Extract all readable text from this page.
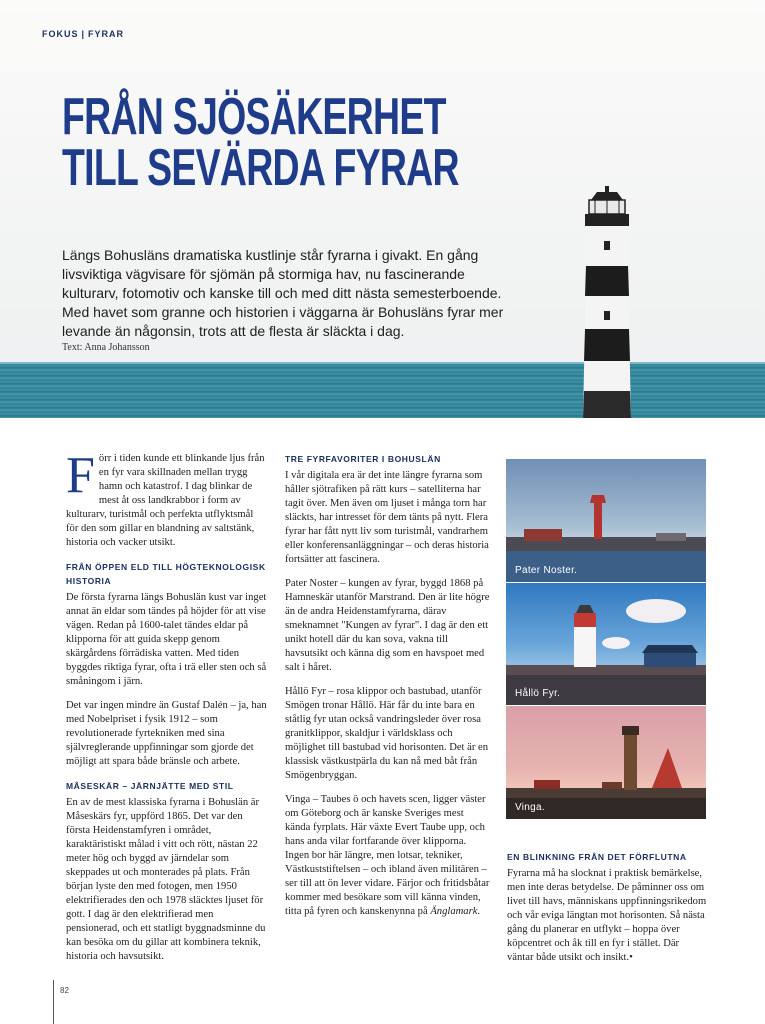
FOKUS | FYRAR
FRÅN SJÖSÄKERHET
TILL SEVÄRDA FYRAR

Längs Bohusläns dramatiska kustlinje står fyrarna i givakt. En gång livsviktiga vägvisare för sjömän på stormiga hav, nu fascinerande kulturarv, fotomotiv och kanske till och med ditt nästa semesterboende. Med havet som granne och historien i väggarna är Bohusläns fyrar mer levande än någonsin, trots att de flesta är släckta i dag.

Text: Anna Johansson

Förr i tiden kunde ett blinkande ljus från en fyr vara skillnaden mellan trygg hamn och katastrof. I dag blinkar de mest åt oss landkrabbor i form av kulturarv, turistmål och perfekta utflyktsmål för den som gillar en blandning av saltstänk, historia och vacker utsikt.

FRÅN ÖPPEN ELD TILL HÖGTEKNOLOGISK HISTORIA

De första fyrarna längs Bohuslän kust var inget annat än eldar som tändes på höjder för att vise vägen. Redan på 1600-talet tändes eldar på klipporna för att guida skepp genom skärgårdens förrädiska vatten. Med tiden byggdes riktiga fyrar, ofta i trä eller sten och så småningom i järn.

Det var ingen mindre än Gustaf Dalén – ja, han med Nobelpriset i fysik 1912 – som revolutionerade fyrtekniken med sina självreglerande uppfinningar som gjorde det möjligt att spara både bränsle och arbete.

MÅSESKÄR – JÄRNJÄTTE MED STIL

En av de mest klassiska fyrarna i Bohuslän är Måseskärs fyr, uppförd 1865. Det var den första Heidenstamfyren i området, karaktäristiskt målad i vitt och rött, nästan 22 meter hög och byggd av järndelar som skeppades ut och monterades på plats. Från början lyste den med fotogen, men 1950 elektrifierades den och 1978 släcktes ljuset för gott. I dag är den elektrifierad men pensionerad, och ett statligt byggnadsminne du kan besöka om du gillar att kombinera teknik, historia och havsutsikt.

TRE FYRFAVORITER I BOHUSLÄN

I vår digitala era är det inte längre fyrarna som håller sjötrafiken på rätt kurs – satelliterna har tagit över. Men även om ljuset i många torn har släckts, har intresset för dem tänts på nytt. Flera fyrar har fått nytt liv som turistmål, vandrarhem eller konferensanläggningar – och deras historia fortsätter att fascinera.

Pater Noster – kungen av fyrar, byggd 1868 på Hamneskär utanför Marstrand. Den är lite högre än de andra Heidenstamfyrarna, därav smeknamnet "Kungen av fyrar". I dag är den ett unikt hotell där du kan sova, vakna till havsutsikt och känna dig som en havspoet med salt i håret.

Hållö Fyr – rosa klippor och bastubad, utanför Smögen tronar Hållö. Här får du inte bara en ståtlig fyr utan också vandringsleder över rosa granitklippor, skaldjur i världsklass och möjlighet till bastubad vid horisonten. Det är en klassisk västkustpärla du kan nå med båt från Smögenbryggan.

Vinga – Taubes ö och havets scen, ligger väster om Göteborg och är kanske Sveriges mest kända fyrplats. Här växte Evert Taube upp, och hans anda vilar fortfarande över klipporna. Ingen bor här längre, men lotsar, tekniker, Västkuststiftelsen – och ibland även militären – ser till att ön lever vidare. Färjor och fritidsbåtar kommer med besökare som vill känna vinden, titta på fyren och kanskenynna på Änglamark.

Pater Noster.
Hållö Fyr.
Vinga.
EN BLINKNING FRÅN DET FÖRFLUTNA

Fyrarna må ha slocknat i praktisk bemärkelse, men inte deras betydelse. De påminner oss om livet till havs, människans uppfinningsrikedom och vår eviga längtan mot horisonten. Så nästa gång du planerar en utflykt – hoppa över köpcentret och åk till en fyr i stället. Där väntar både utsikt och insikt.•

82
